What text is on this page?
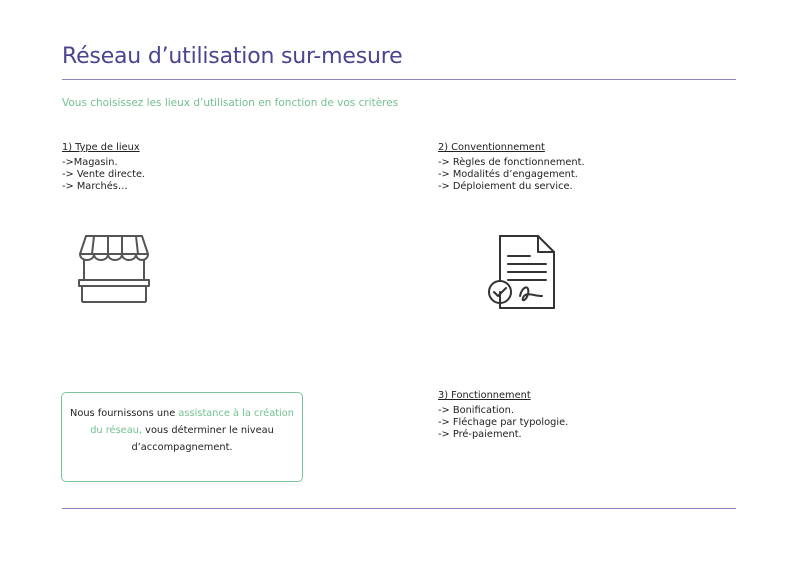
Réseau d’utilisation sur-mesure
Vous choisissez les lieux d’utilisation en fonction de vos critères
1) Type de lieux
->Magasin.
-> Vente directe.
-> Marchés…
2) Conventionnement
-> Règles de fonctionnement.
-> Modalités d’engagement.
-> Déploiement du service.
3) Fonctionnement
-> Bonification.
-> Fléchage par typologie.
-> Pré-paiement.
Nous fournissons une assistance à la création du réseau, vous déterminer le niveau d’accompagnement.
